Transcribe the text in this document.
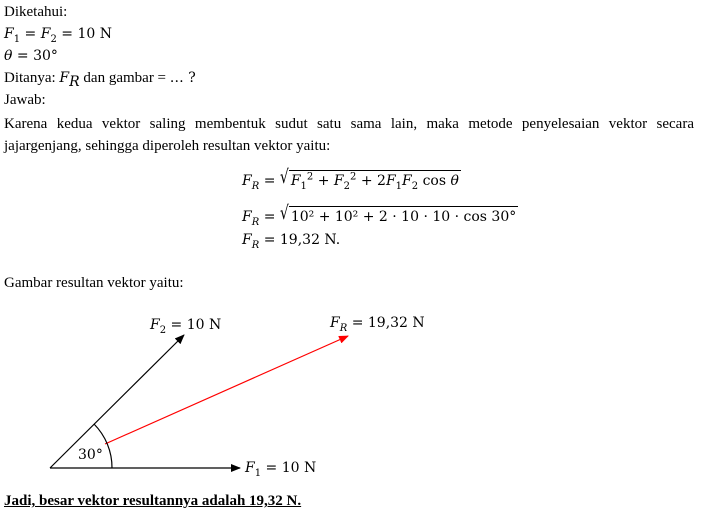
Diketahui:
$F_1 = F_2 = 10$ N
θ = 30°
Ditanya: $F_R$ dan gambar = … ?
Jawab:
Karena kedua vektor saling membentuk sudut satu sama lain, maka metode penyelesaian vektor secara jajargenjang, sehingga diperoleh resultan vektor yaitu:
$F_R$ = √ $F_1^2 + F_2^2 + 2F_1F_2$ cos θ
$F_R$ = √ 10² + 10² + 2 · 10 · 10 · cos 30°
$F_R = 19,32$ N.
Gambar resultan vektor yaitu:
$F_2 = 10$ N	$F_R = 19,32$ N
30°
$F_1 = 10$ N
Jadi, besar vektor resultannya adalah 19,32 N.
